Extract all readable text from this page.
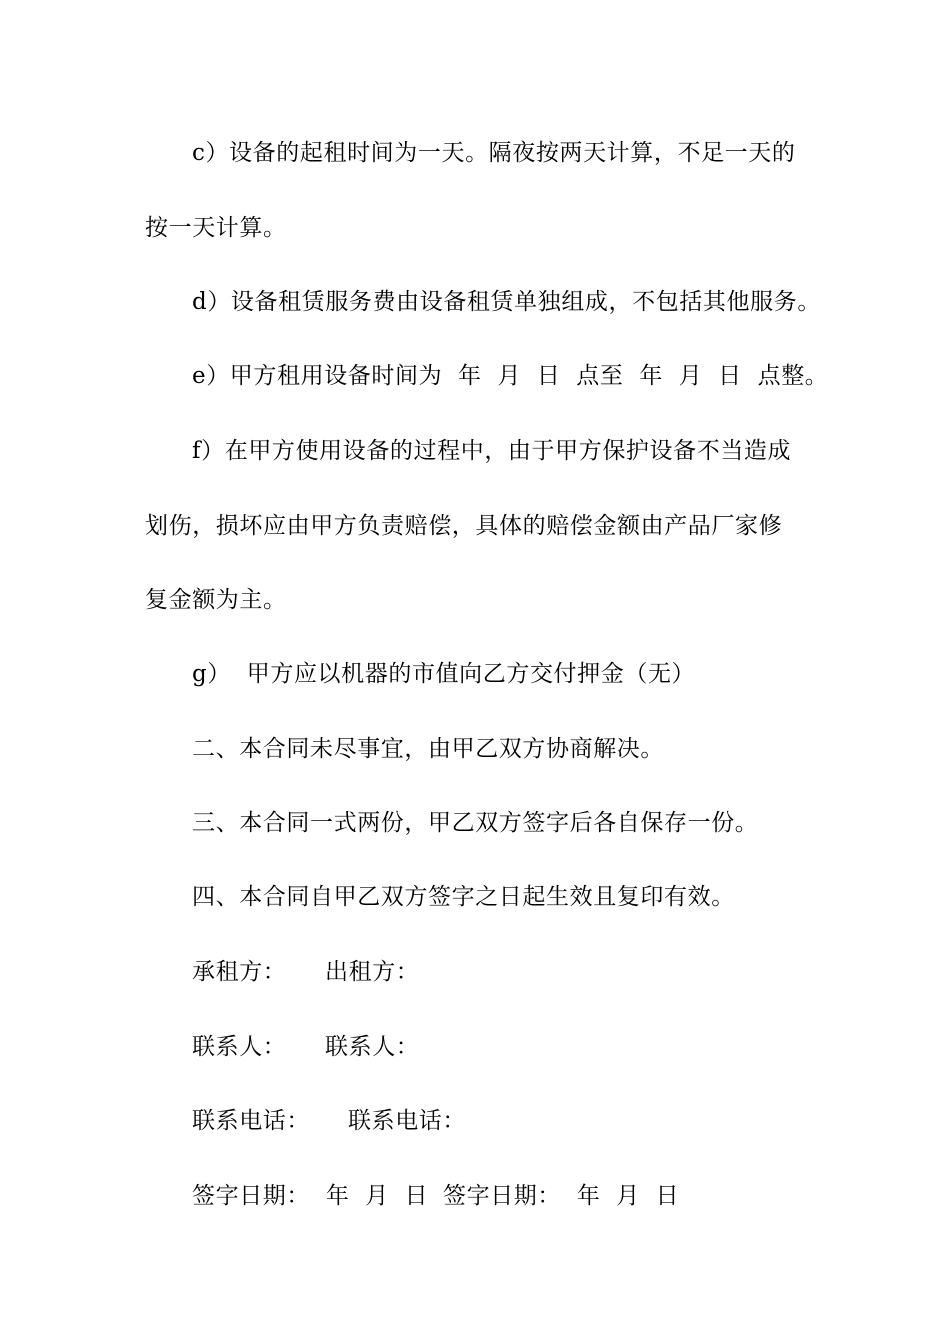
c）设备的起租时间为一天。隔夜按两天计算，不足一天的
按一天计算。
d）设备租赁服务费由设备租赁单独组成，不包括其他服务。
e）甲方租用设备时间为  年  月  日  点至  年  月  日  点整。
f）在甲方使用设备的过程中，由于甲方保护设备不当造成
划伤，损坏应由甲方负责赔偿，具体的赔偿金额由产品厂家修
复金额为主。
g）  甲方应以机器的市值向乙方交付押金（无）
二、本合同未尽事宜，由甲乙双方协商解决。
三、本合同一式两份，甲乙双方签字后各自保存一份。
四、本合同自甲乙双方签字之日起生效且复印有效。

承租方：

出租方：

联系人：

联系人：

联系电话：

联系电话：

签字日期：  年  月  日

签字日期：  年  月  日
